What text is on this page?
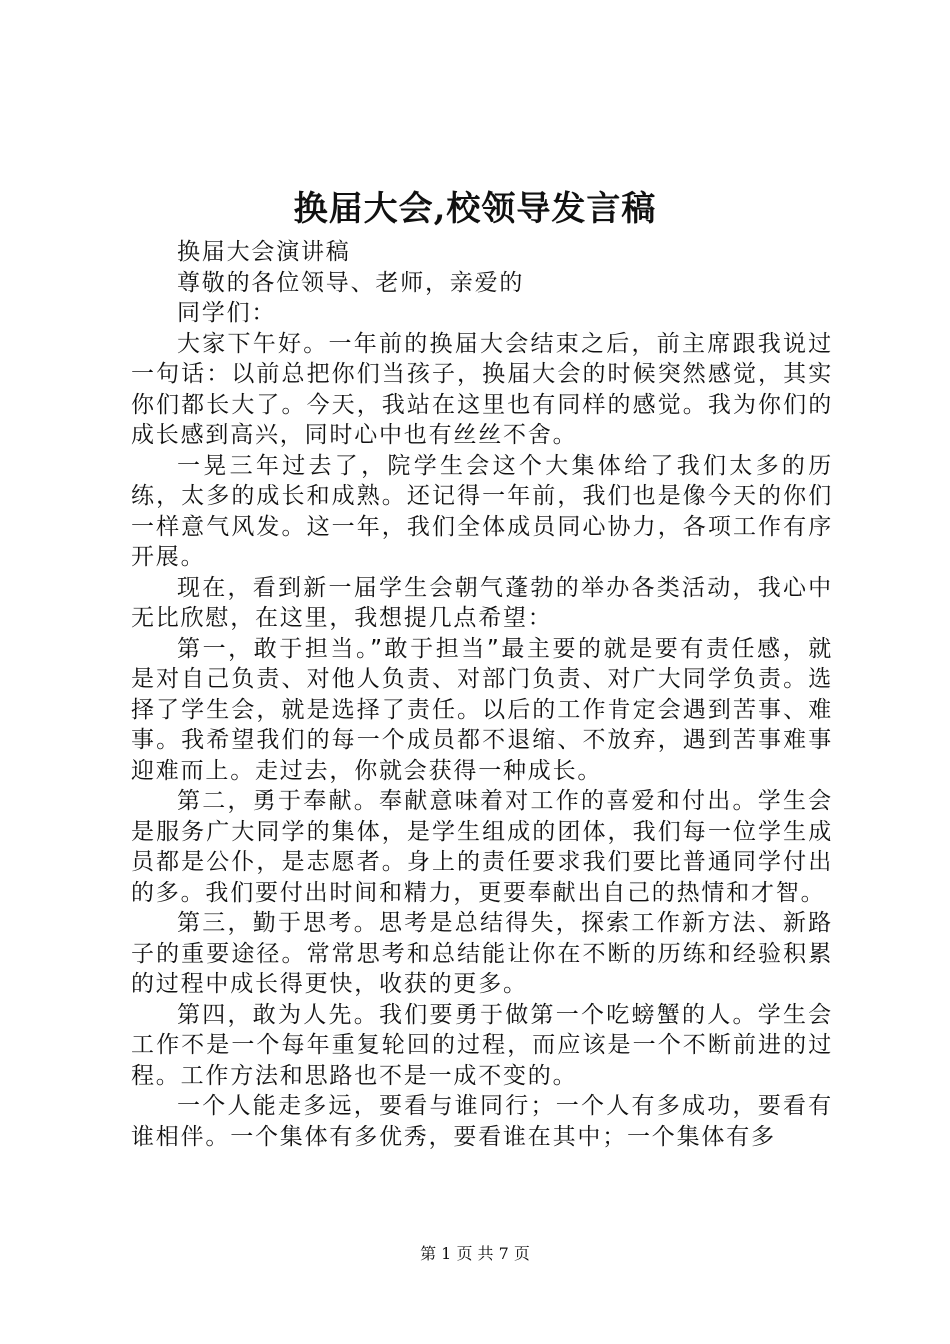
换届大会,校领导发言稿

换届大会演讲稿

尊敬的各位领导、老师，亲爱的

同学们：

大家下午好。一年前的换届大会结束之后，前主席跟我说过一句话：以前总把你们当孩子，换届大会的时候突然感觉，其实你们都长大了。今天，我站在这里也有同样的感觉。我为你们的成长感到高兴，同时心中也有丝丝不舍。

一晃三年过去了，院学生会这个大集体给了我们太多的历练，太多的成长和成熟。还记得一年前，我们也是像今天的你们一样意气风发。这一年，我们全体成员同心协力，各项工作有序开展。

现在，看到新一届学生会朝气蓬勃的举办各类活动，我心中无比欣慰，在这里，我想提几点希望：

第一，敢于担当。”敢于担当”最主要的就是要有责任感，就是对自己负责、对他人负责、对部门负责、对广大同学负责。选择了学生会，就是选择了责任。以后的工作肯定会遇到苦事、难事。我希望我们的每一个成员都不退缩、不放弃，遇到苦事难事迎难而上。走过去，你就会获得一种成长。

第二，勇于奉献。奉献意味着对工作的喜爱和付出。学生会是服务广大同学的集体，是学生组成的团体，我们每一位学生成员都是公仆，是志愿者。身上的责任要求我们要比普通同学付出的多。我们要付出时间和精力，更要奉献出自己的热情和才智。

第三，勤于思考。思考是总结得失，探索工作新方法、新路子的重要途径。常常思考和总结能让你在不断的历练和经验积累的过程中成长得更快，收获的更多。

第四，敢为人先。我们要勇于做第一个吃螃蟹的人。学生会工作不是一个每年重复轮回的过程，而应该是一个不断前进的过程。工作方法和思路也不是一成不变的。

一个人能走多远，要看与谁同行；一个人有多成功，要看有谁相伴。一个集体有多优秀，要看谁在其中；一个集体有多

第 1 页 共 7 页
